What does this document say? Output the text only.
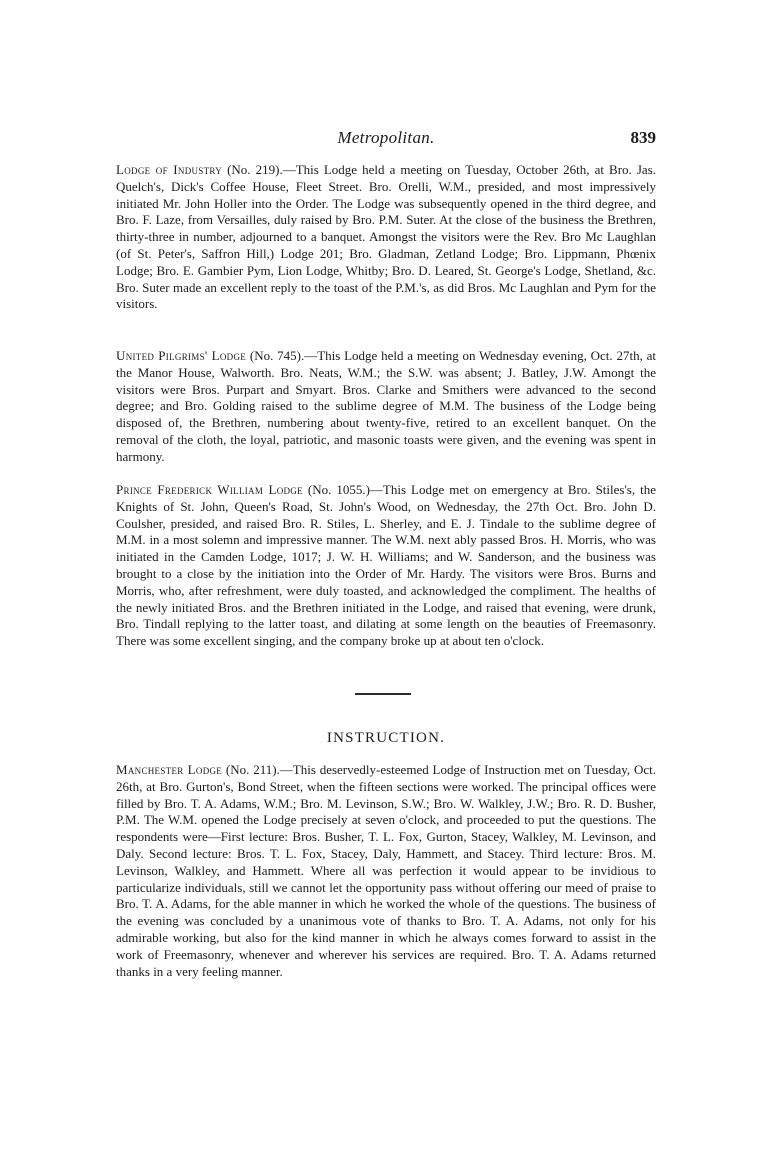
Metropolitan.	839

Lodge of Industry (No. 219).—This Lodge held a meeting on Tuesday, October 26th, at Bro. Jas. Quelch's, Dick's Coffee House, Fleet Street. Bro. Orelli, W.M., presided, and most impressively initiated Mr. John Holler into the Order. The Lodge was subsequently opened in the third degree, and Bro. F. Laze, from Versailles, duly raised by Bro. P.M. Suter. At the close of the business the Brethren, thirty-three in number, adjourned to a banquet. Amongst the visitors were the Rev. Bro Mc Laughlan (of St. Peter's, Saffron Hill,) Lodge 201; Bro. Gladman, Zetland Lodge; Bro. Lippmann, Phœnix Lodge; Bro. E. Gambier Pym, Lion Lodge, Whitby; Bro. D. Leared, St. George's Lodge, Shetland, &c. Bro. Suter made an excellent reply to the toast of the P.M.'s, as did Bros. Mc Laughlan and Pym for the visitors.

United Pilgrims' Lodge (No. 745).—This Lodge held a meeting on Wednesday evening, Oct. 27th, at the Manor House, Walworth. Bro. Neats, W.M.; the S.W. was absent; J. Batley, J.W. Amongt the visitors were Bros. Purpart and Smyart. Bros. Clarke and Smithers were advanced to the second degree; and Bro. Golding raised to the sublime degree of M.M. The business of the Lodge being disposed of, the Brethren, numbering about twenty-five, retired to an excellent banquet. On the removal of the cloth, the loyal, patriotic, and masonic toasts were given, and the evening was spent in harmony.

Prince Frederick William Lodge (No. 1055.)—This Lodge met on emergency at Bro. Stiles's, the Knights of St. John, Queen's Road, St. John's Wood, on Wednesday, the 27th Oct. Bro. John D. Coulsher, presided, and raised Bro. R. Stiles, L. Sherley, and E. J. Tindale to the sublime degree of M.M. in a most solemn and impressive manner. The W.M. next ably passed Bros. H. Morris, who was initiated in the Camden Lodge, 1017; J. W. H. Williams; and W. Sanderson, and the business was brought to a close by the initiation into the Order of Mr. Hardy. The visitors were Bros. Burns and Morris, who, after refreshment, were duly toasted, and acknowledged the compliment. The healths of the newly initiated Bros. and the Brethren initiated in the Lodge, and raised that evening, were drunk, Bro. Tindall replying to the latter toast, and dilating at some length on the beauties of Freemasonry. There was some excellent singing, and the company broke up at about ten o'clock.

INSTRUCTION.

Manchester Lodge (No. 211).—This deservedly-esteemed Lodge of Instruction met on Tuesday, Oct. 26th, at Bro. Gurton's, Bond Street, when the fifteen sections were worked. The principal offices were filled by Bro. T. A. Adams, W.M.; Bro. M. Levinson, S.W.; Bro. W. Walkley, J.W.; Bro. R. D. Busher, P.M. The W.M. opened the Lodge precisely at seven o'clock, and proceeded to put the questions. The respondents were—First lecture: Bros. Busher, T. L. Fox, Gurton, Stacey, Walkley, M. Levinson, and Daly. Second lecture: Bros. T. L. Fox, Stacey, Daly, Hammett, and Stacey. Third lecture: Bros. M. Levinson, Walkley, and Hammett. Where all was perfection it would appear to be invidious to particularize individuals, still we cannot let the opportunity pass without offering our meed of praise to Bro. T. A. Adams, for the able manner in which he worked the whole of the questions. The business of the evening was concluded by a unanimous vote of thanks to Bro. T. A. Adams, not only for his admirable working, but also for the kind manner in which he always comes forward to assist in the work of Freemasonry, whenever and wherever his services are required. Bro. T. A. Adams returned thanks in a very feeling manner.
